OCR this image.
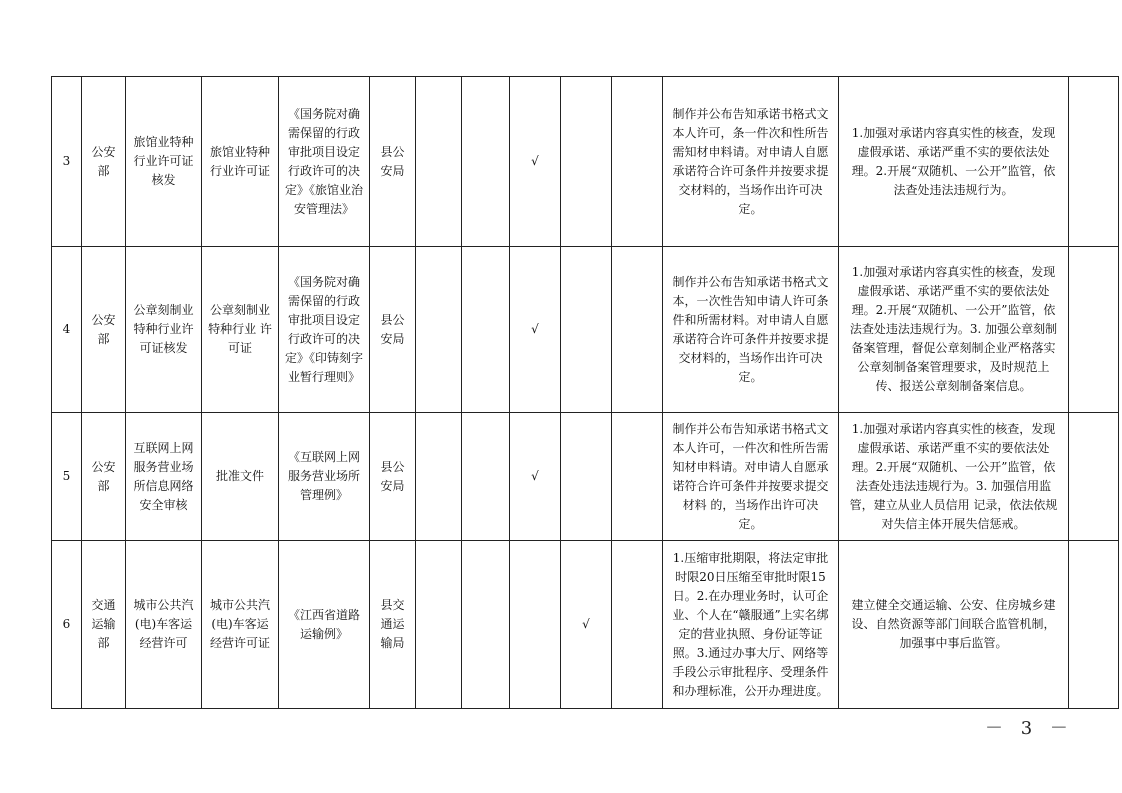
3	公安部	旅馆业特种行业许可证核发	旅馆业特种行业许可证	《国务院对确需保留的行政 审批项目设定行政许可的决定》《旅馆业治安管理法》	县公安局			√			制作并公布告知承诺书格式文本人许可，条一件次和性所告需知材申料请。对申请人自愿承诺符合许可条件并按要求提交材料的，当场作出许可决定。	1.加强对承诺内容真实性的核查，发现虚假承诺、承诺严重不实的要依法处理。2.开展“双随机、一公开”监管，依法查处违法违规行为。	
4	公安部	公章刻制业特种行业许可证核发	公章刻制业特种行业 许可证	《国务院对确需保留的行政审批项目设定行政许可的决定》《印铸刻字业暂行理则》	县公安局			√			制作并公布告知承诺书格式文本，一次性告知申请人许可条件和所需材料。对申请人自愿承诺符合许可条件并按要求提交材料的，当场作出许可决定。	1.加强对承诺内容真实性的核查，发现虚假承诺、承诺严重不实的要依法处理。2.开展“双随机、一公开”监管，依法查处违法违规行为。3. 加强公章刻制备案管理，督促公章刻制企业严格落实公章刻制备案管理要求，及时规范上传、报送公章刻制备案信息。	
5	公安部	互联网上网服务营业场所信息网络安全审核	批准文件	《互联网上网服务营业场所管理例》	县公安局			√			制作并公布告知承诺书格式文本人许可，一件次和性所告需知材申料请。对申请人自愿承诺符合许可条件并按要求提交材料 的，当场作出许可决定。	1.加强对承诺内容真实性的核查，发现虚假承诺、承诺严重不实的要依法处理。2.开展“双随机、一公开”监管，依法查处违法违规行为。3. 加强信用监管，建立从业人员信用 记录，依法依规对失信主体开展失信惩戒。	
6	交通运输部	城市公共汽(电)车客运经营许可	城市公共汽(电)车客运经营许可证	《江西省道路运输例》	县交通运输局				√		1.压缩审批期限，将法定审批时限20日压缩至审批时限15日。2.在办理业务时，认可企业、个人在“赣服通”上实名绑定的营业执照、身份证等证照。3.通过办事大厅、网络等手段公示审批程序、受理条件和办理标准，公开办理进度。	建立健全交通运输、公安、住房城乡建设、自然资源等部门间联合监管机制，加强事中事后监管。	
－ 3 －
